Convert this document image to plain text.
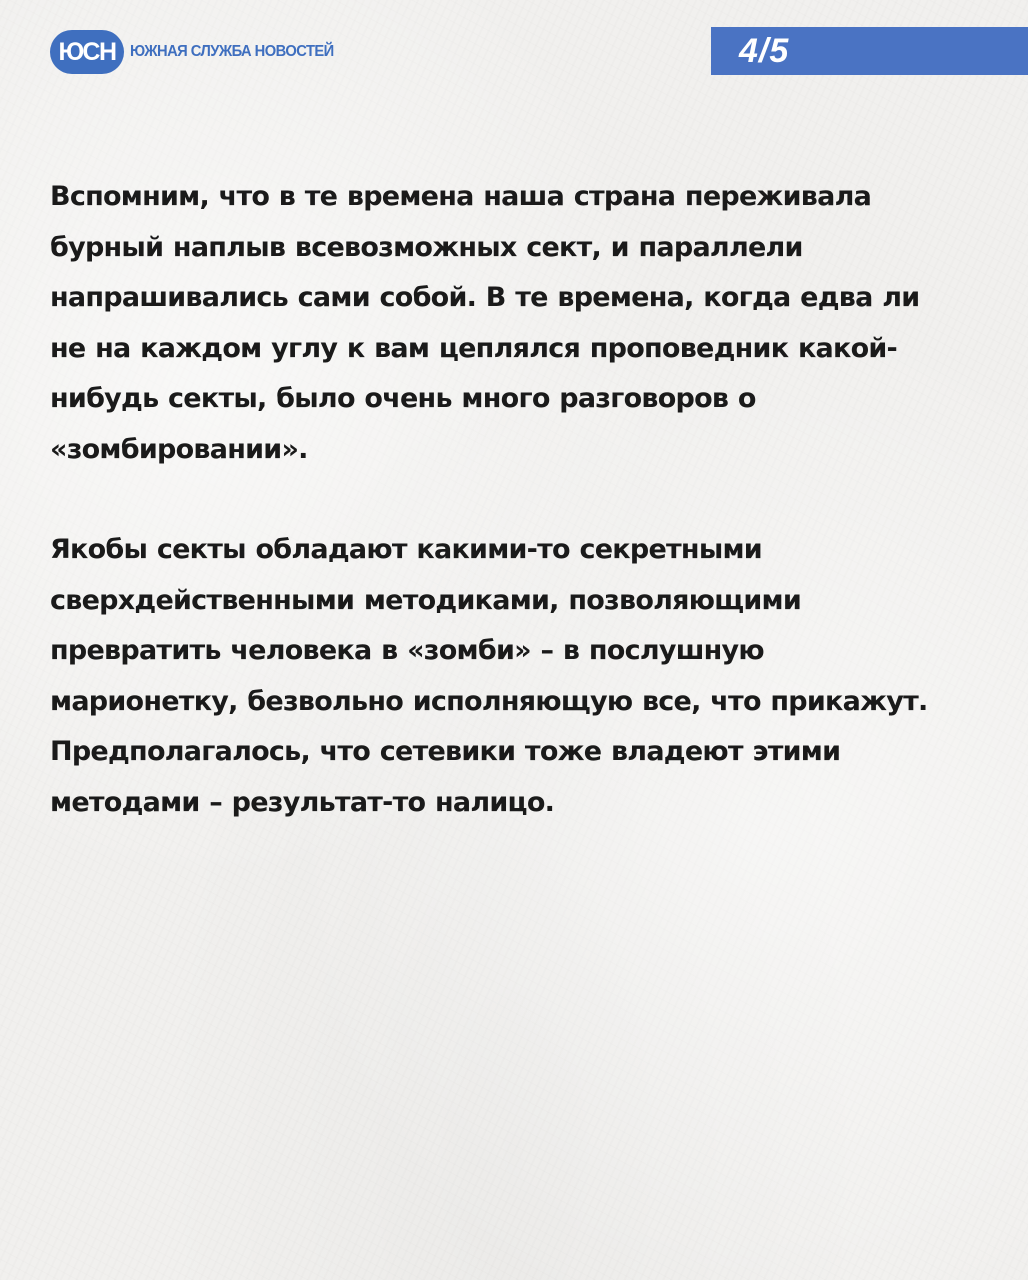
ЮСН ЮЖНАЯ СЛУЖБА НОВОСТЕЙ	4/5

Вспомним, что в те времена наша страна переживала
бурный наплыв всевозможных сект, и параллели
напрашивались сами собой. В те времена, когда едва ли
не на каждом углу к вам цеплялся проповедник какой-
нибудь секты, было очень много разговоров о
«зомбировании».

Якобы секты обладают какими-то секретными
сверхдейственными методиками, позволяющими
превратить человека в «зомби» – в послушную
марионетку, безвольно исполняющую все, что прикажут.
Предполагалось, что сетевики тоже владеют этими
методами – результат-то налицо.
